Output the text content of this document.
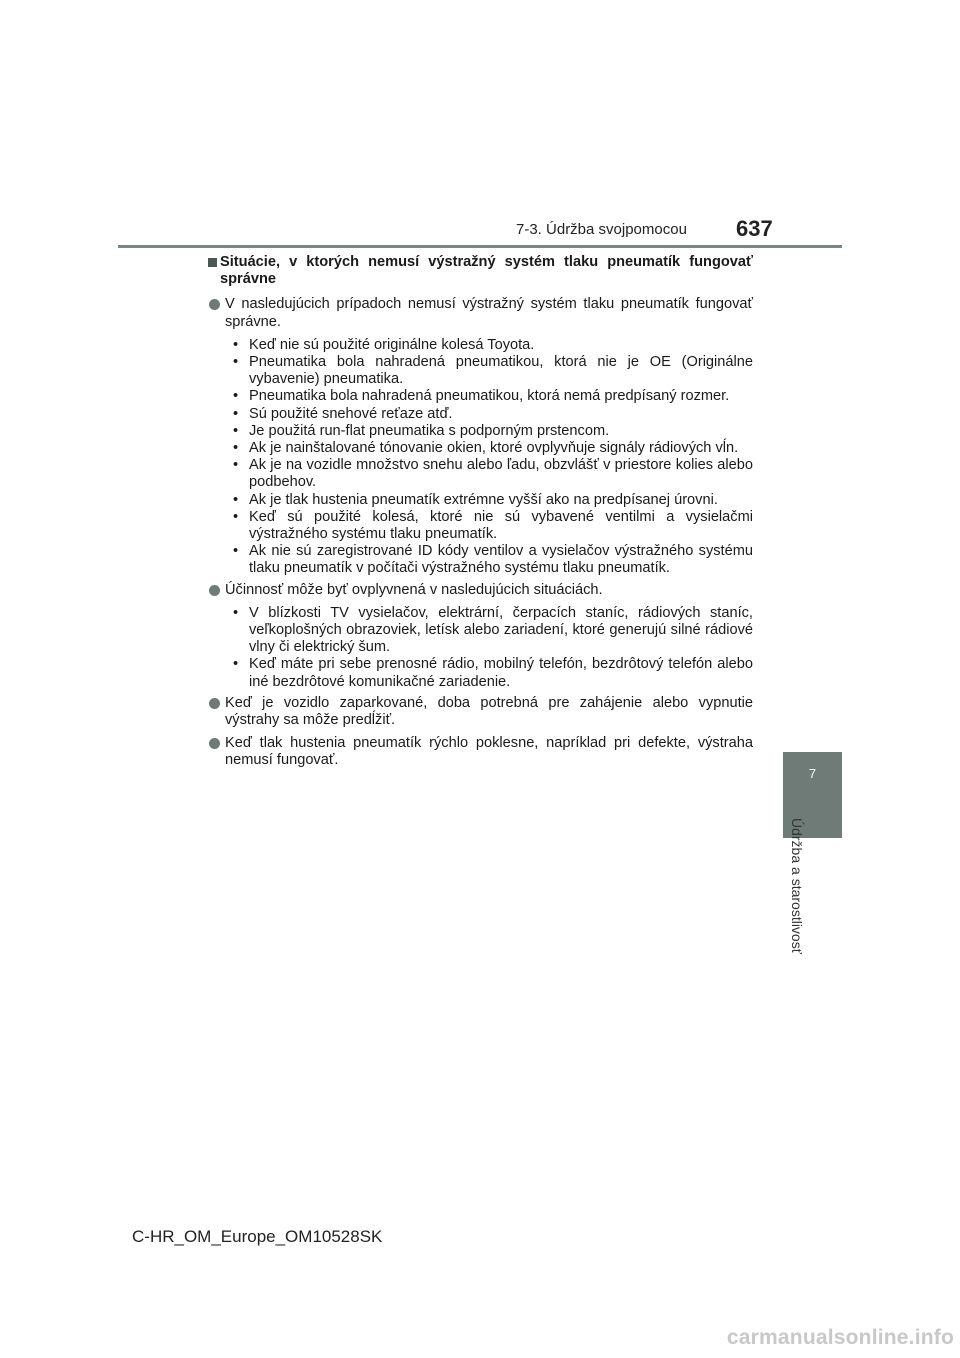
7-3. Údržba svojpomocou 637
7
Údržba a starostlivosť
Situácie, v ktorých nemusí výstražný systém tlaku pneumatík fungovať správne
V nasledujúcich prípadoch nemusí výstražný systém tlaku pneumatík fungovať správne.
• Keď nie sú použité originálne kolesá Toyota.
• Pneumatika bola nahradená pneumatikou, ktorá nie je OE (Originálne vybavenie) pneumatika.
• Pneumatika bola nahradená pneumatikou, ktorá nemá predpísaný rozmer.
• Sú použité snehové reťaze atď.
• Je použitá run-flat pneumatika s podporným prstencom.
• Ak je nainštalované tónovanie okien, ktoré ovplyvňuje signály rádiových vĺn.
• Ak je na vozidle množstvo snehu alebo ľadu, obzvlášť v priestore kolies alebo podbehov.
• Ak je tlak hustenia pneumatík extrémne vyšší ako na predpísanej úrovni.
• Keď sú použité kolesá, ktoré nie sú vybavené ventilmi a vysielačmi výstražného systému tlaku pneumatík.
• Ak nie sú zaregistrované ID kódy ventilov a vysielačov výstražného systému tlaku pneumatík v počítači výstražného systému tlaku pneumatík.
Účinnosť môže byť ovplyvnená v nasledujúcich situáciách.
• V blízkosti TV vysielačov, elektrární, čerpacích staníc, rádiových staníc, veľkoplošných obrazoviek, letísk alebo zariadení, ktoré generujú silné rádiové vlny či elektrický šum.
• Keď máte pri sebe prenosné rádio, mobilný telefón, bezdrôtový telefón alebo iné bezdrôtové komunikačné zariadenie.
Keď je vozidlo zaparkované, doba potrebná pre zahájenie alebo vypnutie výstrahy sa môže predĺžiť.
Keď tlak hustenia pneumatík rýchlo poklesne, napríklad pri defekte, výstraha nemusí fungovať.
C-HR_OM_Europe_OM10528SK
carmanualsonline.info
